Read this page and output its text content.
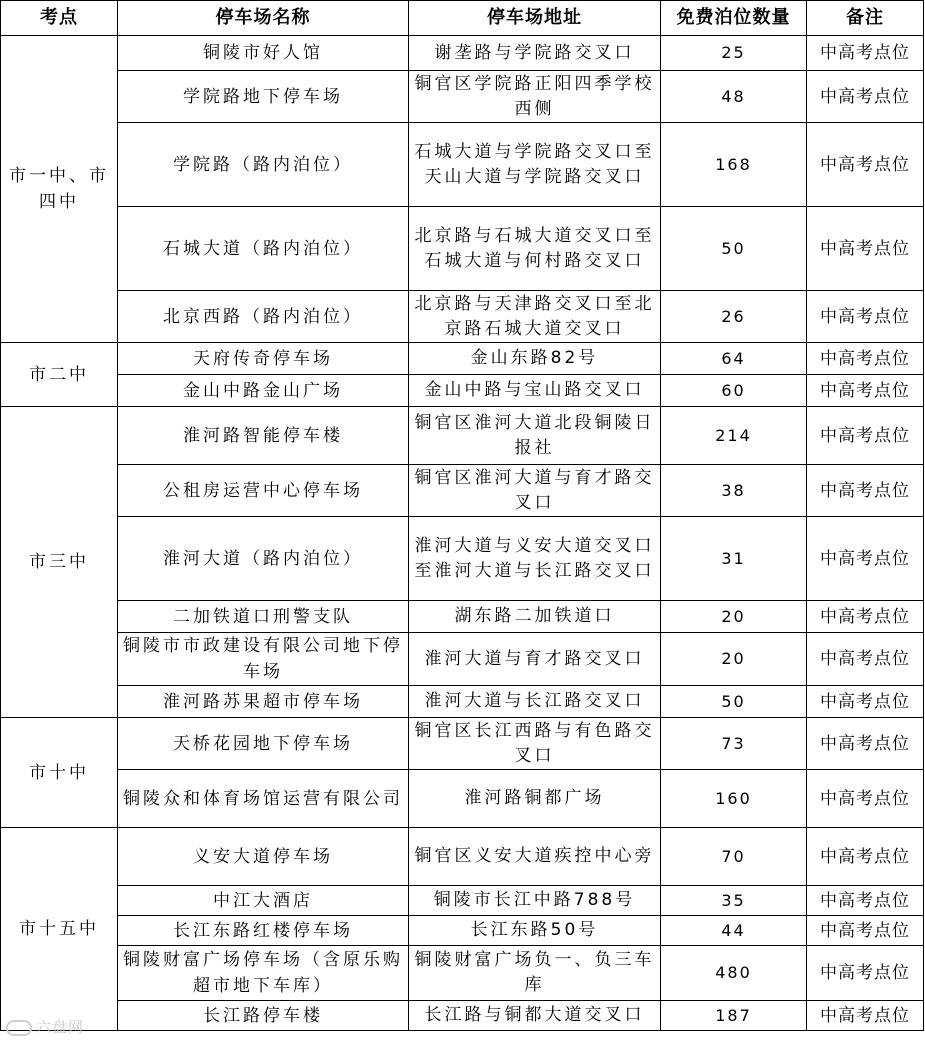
考点	停车场名称	停车场地址	免费泊位数量	备注
市一中、市四中	铜陵市好人馆	谢垄路与学院路交叉口	25	中高考点位
	学院路地下停车场	铜官区学院路正阳四季学校西侧	48	中高考点位
	学院路（路内泊位）	石城大道与学院路交叉口至天山大道与学院路交叉口	168	中高考点位
	石城大道（路内泊位）	北京路与石城大道交叉口至石城大道与何村路交叉口	50	中高考点位
	北京西路（路内泊位）	北京路与天津路交叉口至北京路石城大道交叉口	26	中高考点位
市二中	天府传奇停车场	金山东路82号	64	中高考点位
	金山中路金山广场	金山中路与宝山路交叉口	60	中高考点位
市三中	淮河路智能停车楼	铜官区淮河大道北段铜陵日报社	214	中高考点位
	公租房运营中心停车场	铜官区淮河大道与育才路交叉口	38	中高考点位
	淮河大道（路内泊位）	淮河大道与义安大道交叉口至淮河大道与长江路交叉口	31	中高考点位
	二加铁道口刑警支队	湖东路二加铁道口	20	中高考点位
	铜陵市市政建设有限公司地下停车场	淮河大道与育才路交叉口	20	中高考点位
	淮河路苏果超市停车场	淮河大道与长江路交叉口	50	中高考点位
市十中	天桥花园地下停车场	铜官区长江西路与有色路交叉口	73	中高考点位
	铜陵众和体育场馆运营有限公司	淮河路铜都广场	160	中高考点位
市十五中	义安大道停车场	铜官区义安大道疾控中心旁	70	中高考点位
	中江大酒店	铜陵市长江中路788号	35	中高考点位
	长江东路红楼停车场	长江东路50号	44	中高考点位
	铜陵财富广场停车场（含原乐购超市地下车库）	铜陵财富广场负一、负三车库	480	中高考点位
	长江路停车楼	长江路与铜都大道交叉口	187	中高考点位
六盘网
